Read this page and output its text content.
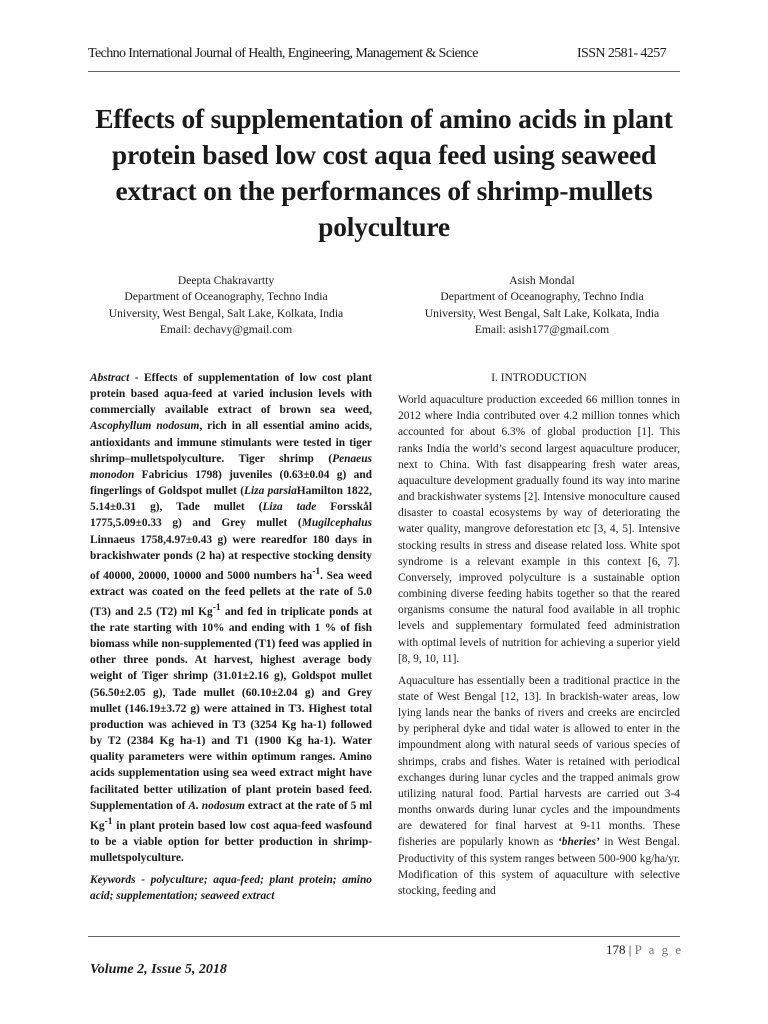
Techno International Journal of Health, Engineering, Management & Science	ISSN 2581- 4257
Effects of supplementation of amino acids in plant protein based low cost aqua feed using seaweed extract on the performances of shrimp-mullets polyculture
Deepta Chakravartty
Department of Oceanography, Techno India
University, West Bengal, Salt Lake, Kolkata, India
Email: dechavy@gmail.com
Asish Mondal
Department of Oceanography, Techno India
University, West Bengal, Salt Lake, Kolkata, India
Email: asish177@gmail.com

Abstract - Effects of supplementation of low cost plant protein based aqua-feed at varied inclusion levels with commercially available extract of brown sea weed, Ascophyllum nodosum, rich in all essential amino acids, antioxidants and immune stimulants were tested in tiger shrimp–mulletspolyculture. Tiger shrimp (Penaeus monodon Fabricius 1798) juveniles (0.63±0.04 g) and fingerlings of Goldspot mullet (Liza parsiaHamilton 1822, 5.14±0.31 g), Tade mullet (Liza tade Forsskål 1775,5.09±0.33 g) and Grey mullet (Mugilcephalus Linnaeus 1758,4.97±0.43 g) were rearedfor 180 days in brackishwater ponds (2 ha) at respective stocking density of 40000, 20000, 10000 and 5000 numbers $ha^{-1}$. Sea weed extract was coated on the feed pellets at the rate of 5.0 (T3) and 2.5 (T2) ml $Kg^{-1}$ and fed in triplicate ponds at the rate starting with 10% and ending with 1 % of fish biomass while non-supplemented (T1) feed was applied in other three ponds. At harvest, highest average body weight of Tiger shrimp (31.01±2.16 g), Goldspot mullet (56.50±2.05 g), Tade mullet (60.10±2.04 g) and Grey mullet (146.19±3.72 g) were attained in T3. Highest total production was achieved in T3 (3254 Kg ha-1) followed by T2 (2384 Kg ha-1) and T1 (1900 Kg ha-1). Water quality parameters were within optimum ranges. Amino acids supplementation using sea weed extract might have facilitated better utilization of plant protein based feed. Supplementation of A. nodosum extract at the rate of 5 ml $Kg^{-1}$ in plant protein based low cost aqua-feed wasfound to be a viable option for better production in shrimp-mulletspolyculture.

Keywords - polyculture; aqua-feed; plant protein; amino acid; supplementation; seaweed extract

I. INTRODUCTION

World aquaculture production exceeded 66 million tonnes in 2012 where India contributed over 4.2 million tonnes which accounted for about 6.3% of global production [1]. This ranks India the world’s second largest aquaculture producer, next to China. With fast disappearing fresh water areas, aquaculture development gradually found its way into marine and brackishwater systems [2]. Intensive monoculture caused disaster to coastal ecosystems by way of deteriorating the water quality, mangrove deforestation etc [3, 4, 5]. Intensive stocking results in stress and disease related loss. White spot syndrome is a relevant example in this context [6, 7]. Conversely, improved polyculture is a sustainable option combining diverse feeding habits together so that the reared organisms consume the natural food available in all trophic levels and supplementary formulated feed administration with optimal levels of nutrition for achieving a superior yield [8, 9, 10, 11].

Aquaculture has essentially been a traditional practice in the state of West Bengal [12, 13]. In brackish-water areas, low lying lands near the banks of rivers and creeks are encircled by peripheral dyke and tidal water is allowed to enter in the impoundment along with natural seeds of various species of shrimps, crabs and fishes. Water is retained with periodical exchanges during lunar cycles and the trapped animals grow utilizing natural food. Partial harvests are carried out 3-4 months onwards during lunar cycles and the impoundments are dewatered for final harvest at 9-11 months. These fisheries are popularly known as ‘bheries’ in West Bengal. Productivity of this system ranges between 500-900 kg/ha/yr. Modification of this system of aquaculture with selective stocking, feeding and

178 | P a g e
Volume 2, Issue 5, 2018
